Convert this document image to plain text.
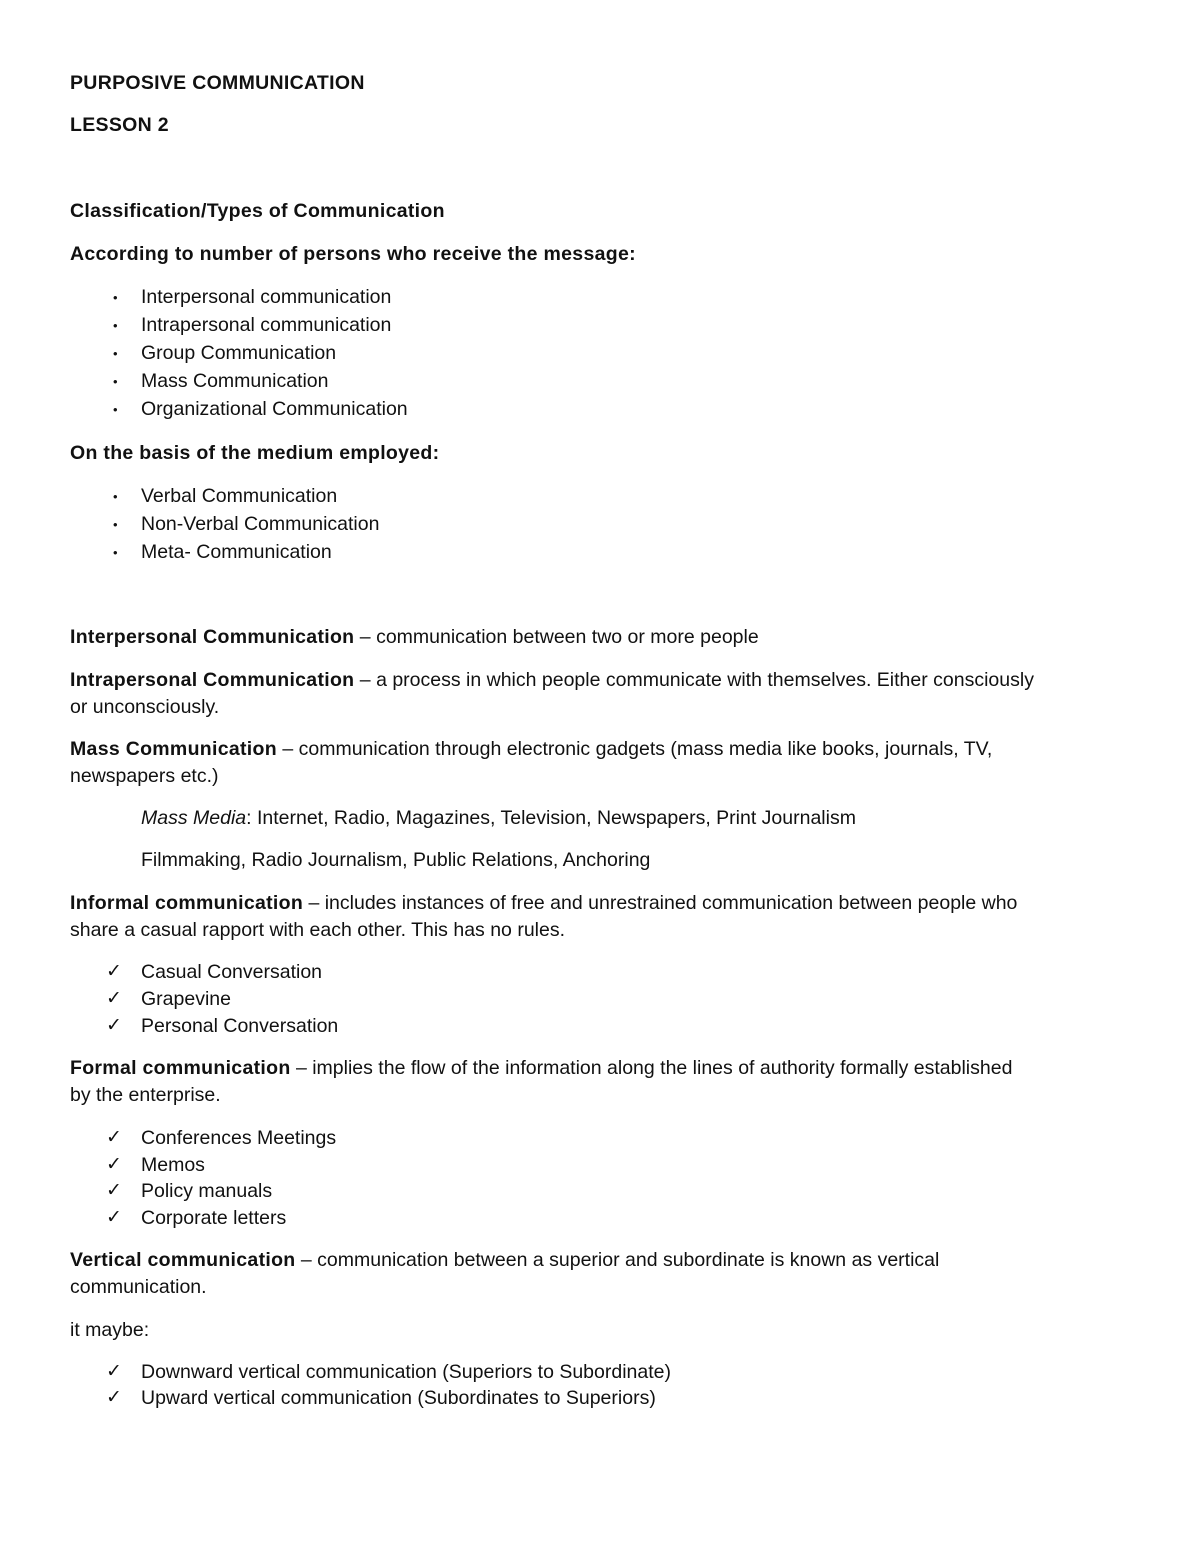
PURPOSIVE COMMUNICATION

LESSON 2

Classification/Types of Communication

According to number of persons who receive the message:

• Interpersonal communication

• Intrapersonal communication

• Group Communication

• Mass Communication

• Organizational Communication

On the basis of the medium employed:

• Verbal Communication

• Non-Verbal Communication

• Meta- Communication

Interpersonal Communication – communication between two or more people

Intrapersonal Communication – a process in which people communicate with themselves. Either consciously

or unconsciously.

Mass Communication – communication through electronic gadgets (mass media like books, journals, TV,

newspapers etc.)

Mass Media: Internet, Radio, Magazines, Television, Newspapers, Print Journalism

Filmmaking, Radio Journalism, Public Relations, Anchoring

Informal communication – includes instances of free and unrestrained communication between people who

share a casual rapport with each other. This has no rules.

✓ Casual Conversation

✓ Grapevine

✓ Personal Conversation

Formal communication – implies the flow of the information along the lines of authority formally established

by the enterprise.

✓ Conferences Meetings

✓ Memos

✓ Policy manuals

✓ Corporate letters

Vertical communication – communication between a superior and subordinate is known as vertical

communication.

it maybe:

✓ Downward vertical communication (Superiors to Subordinate)

✓ Upward vertical communication (Subordinates to Superiors)
